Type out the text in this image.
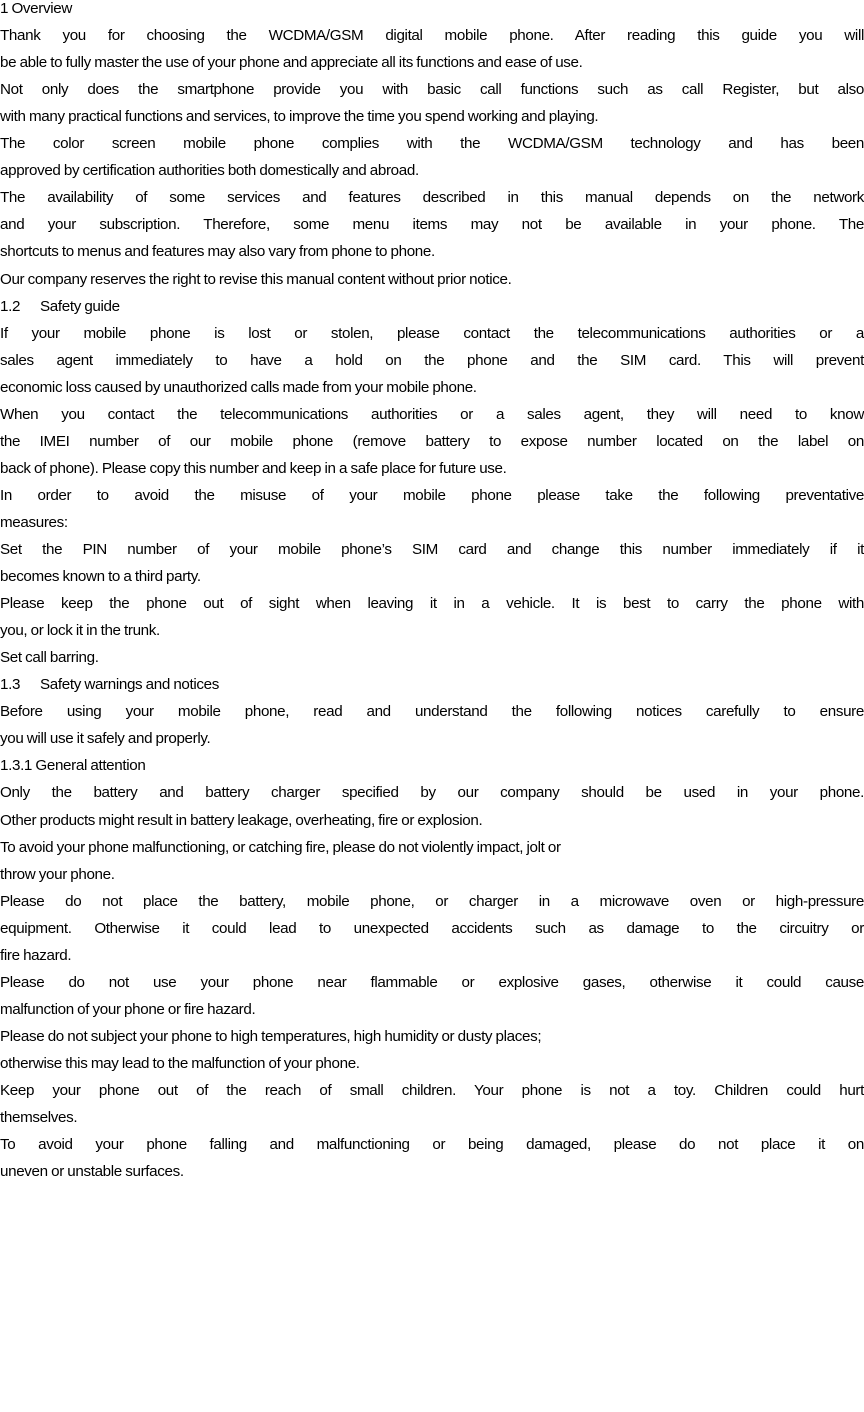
1 Overview
Thank you for choosing the WCDMA/GSM digital mobile phone. After reading this guide you will
be able to fully master the use of your phone and appreciate all its functions and ease of use.
Not only does the smartphone provide you with basic call functions such as call Register, but also
with many practical functions and services, to improve the time you spend working and playing.
The color screen mobile phone complies with the WCDMA/GSM technology and has been
approved by certification authorities both domestically and abroad.
The availability of some services and features described in this manual depends on the network
and your subscription. Therefore, some menu items may not be available in your phone. The
shortcuts to menus and features may also vary from phone to phone.
Our company reserves the right to revise this manual content without prior notice.
1.2 Safety guide
If your mobile phone is lost or stolen, please contact the telecommunications authorities or a
sales agent immediately to have a hold on the phone and the SIM card. This will prevent
economic loss caused by unauthorized calls made from your mobile phone.
When you contact the telecommunications authorities or a sales agent, they will need to know
the IMEI number of our mobile phone (remove battery to expose number located on the label on
back of phone). Please copy this number and keep in a safe place for future use.
In order to avoid the misuse of your mobile phone please take the following preventative
measures:
Set the PIN number of your mobile phone’s SIM card and change this number immediately if it
becomes known to a third party.
Please keep the phone out of sight when leaving it in a vehicle. It is best to carry the phone with
you, or lock it in the trunk.
Set call barring.
1.3 Safety warnings and notices
Before using your mobile phone, read and understand the following notices carefully to ensure
you will use it safely and properly.
1.3.1 General attention
Only the battery and battery charger specified by our company should be used in your phone.
Other products might result in battery leakage, overheating, fire or explosion.
To avoid your phone malfunctioning, or catching fire, please do not violently impact, jolt or
throw your phone.
Please do not place the battery, mobile phone, or charger in a microwave oven or high-pressure
equipment. Otherwise it could lead to unexpected accidents such as damage to the circuitry or
fire hazard.
Please do not use your phone near flammable or explosive gases, otherwise it could cause
malfunction of your phone or fire hazard.
Please do not subject your phone to high temperatures, high humidity or dusty places;
otherwise this may lead to the malfunction of your phone.
Keep your phone out of the reach of small children. Your phone is not a toy. Children could hurt
themselves.
To avoid your phone falling and malfunctioning or being damaged, please do not place it on
uneven or unstable surfaces.
